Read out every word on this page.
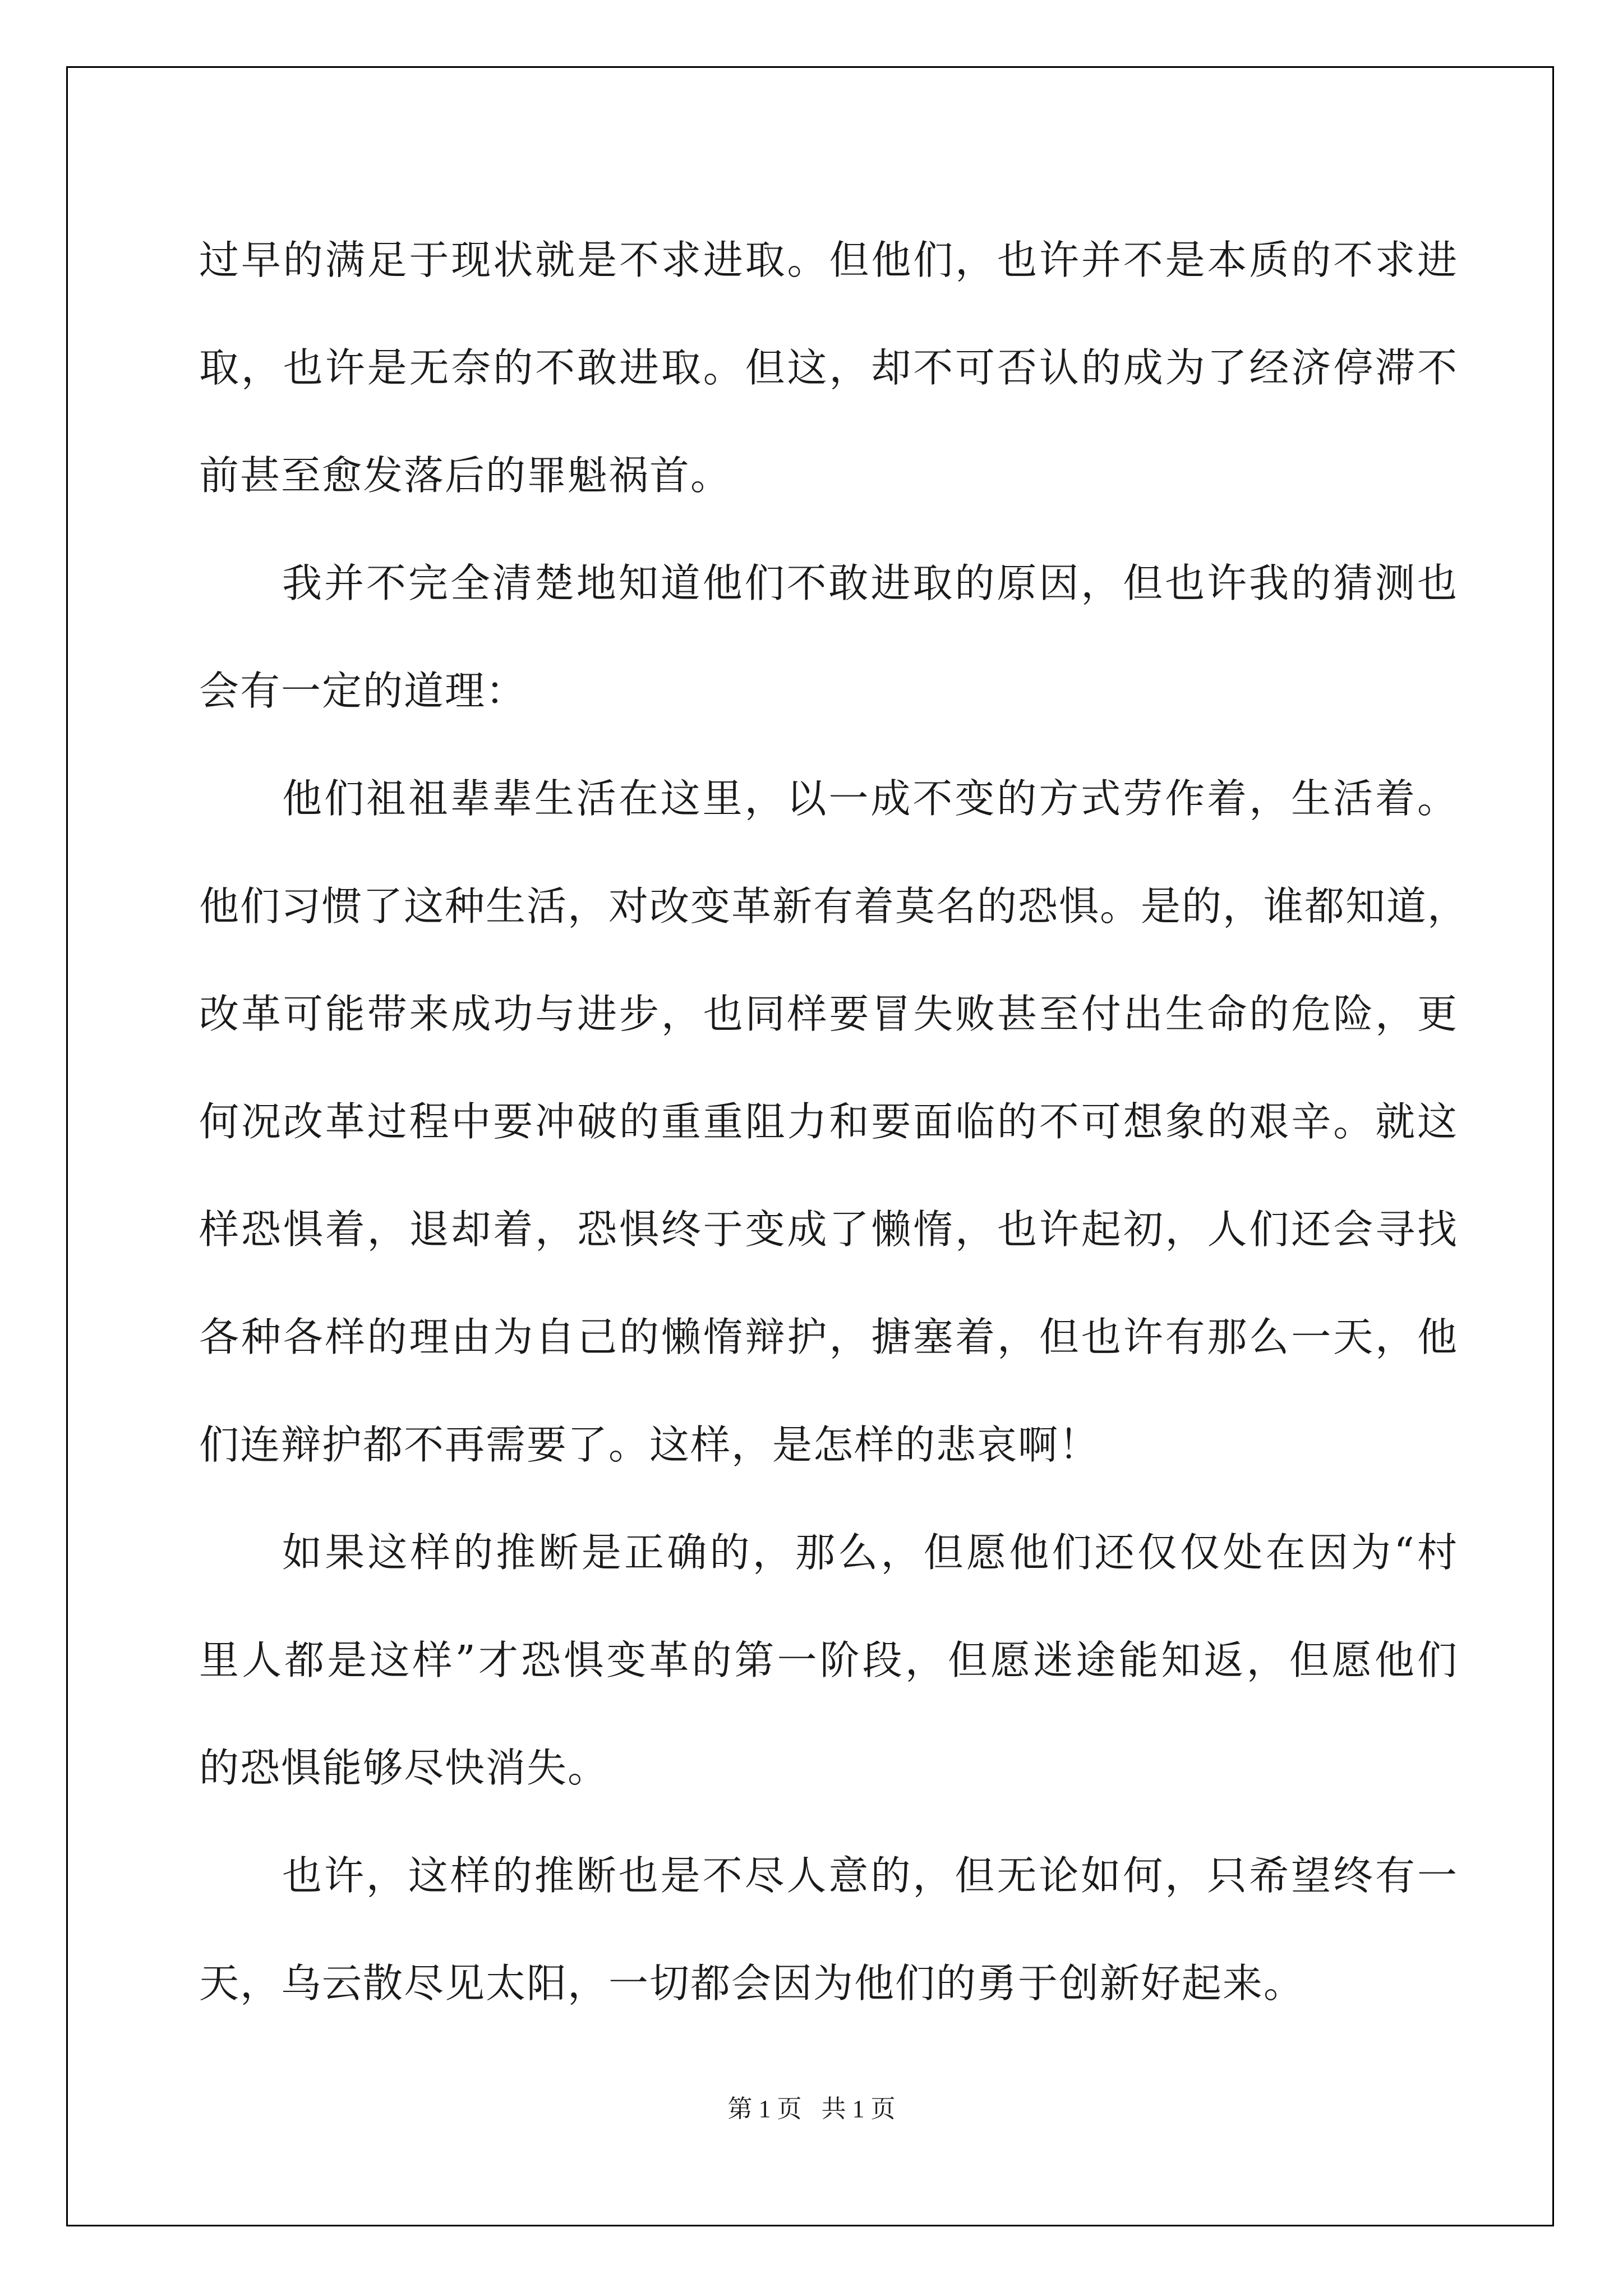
过早的满足于现状就是不求进取。但他们，也许并不是本质的不求进
取，也许是无奈的不敢进取。但这，却不可否认的成为了经济停滞不
前甚至愈发落后的罪魁祸首。
我并不完全清楚地知道他们不敢进取的原因，但也许我的猜测也
会有一定的道理：
他们祖祖辈辈生活在这里，以一成不变的方式劳作着，生活着。
他们习惯了这种生活，对改变革新有着莫名的恐惧。是的，谁都知道，
改革可能带来成功与进步，也同样要冒失败甚至付出生命的危险，更
何况改革过程中要冲破的重重阻力和要面临的不可想象的艰辛。就这
样恐惧着，退却着，恐惧终于变成了懒惰，也许起初，人们还会寻找
各种各样的理由为自己的懒惰辩护，搪塞着，但也许有那么一天，他
们连辩护都不再需要了。这样，是怎样的悲哀啊！
如果这样的推断是正确的，那么，但愿他们还仅仅处在因为“村
里人都是这样”才恐惧变革的第一阶段，但愿迷途能知返，但愿他们
的恐惧能够尽快消失。
也许，这样的推断也是不尽人意的，但无论如何，只希望终有一
天，乌云散尽见太阳，一切都会因为他们的勇于创新好起来。
第 1 页 共 1 页
